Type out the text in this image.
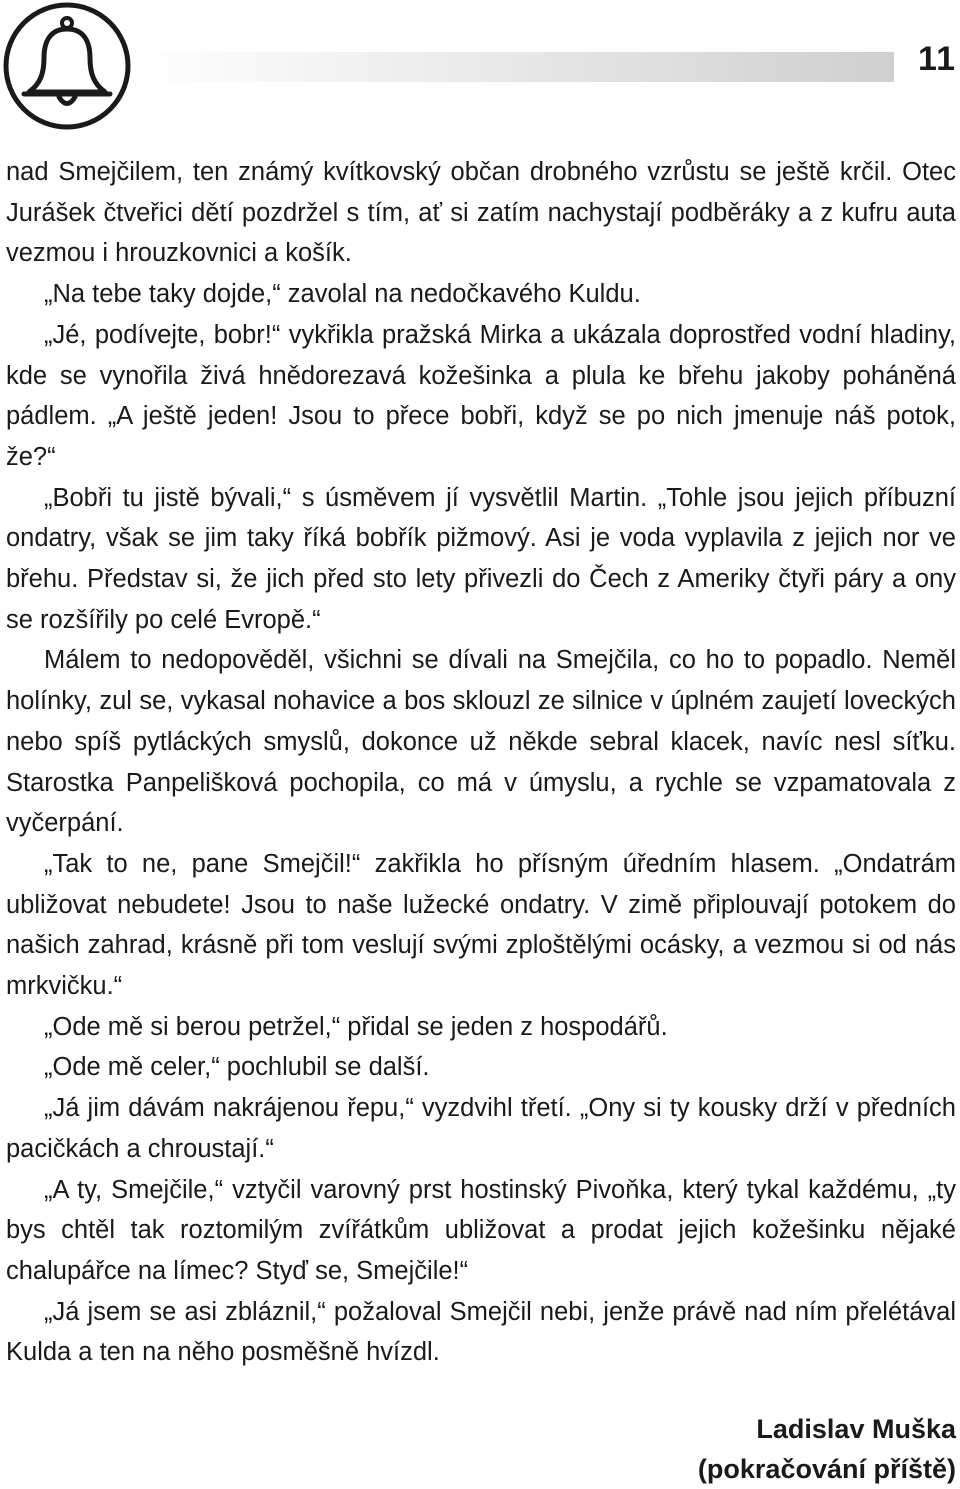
11

nad Smejčilem, ten známý kvítkovský občan drobného vzrůstu se ještě krčil. Otec Jurášek čtveřici dětí pozdržel s tím, ať si zatím nachystají podběráky a z kufru auta vezmou i hrouzkovnici a košík.

„Na tebe taky dojde,“ zavolal na nedočkavého Kuldu.

„Jé, podívejte, bobr!“ vykřikla pražská Mirka a ukázala doprostřed vodní hladiny, kde se vynořila živá hnědorezavá kožešinka a plula ke břehu jakoby poháněná pádlem. „A ještě jeden! Jsou to přece bobři, když se po nich jmenuje náš potok, že?“

„Bobři tu jistě bývali,“ s úsměvem jí vysvětlil Martin. „Tohle jsou jejich příbuzní ondatry, však se jim taky říká bobřík pižmový. Asi je voda vyplavila z jejich nor ve břehu. Představ si, že jich před sto lety přivezli do Čech z Ameriky čtyři páry a ony se rozšířily po celé Evropě.“

Málem to nedopověděl, všichni se dívali na Smejčila, co ho to popadlo. Neměl holínky, zul se, vykasal nohavice a bos sklouzl ze silnice v úplném zaujetí loveckých nebo spíš pytláckých smyslů, dokonce už někde sebral klacek, navíc nesl síťku. Starostka Panpelišková pochopila, co má v úmyslu, a rychle se vzpamatovala z vyčerpání.

„Tak to ne, pane Smejčil!“ zakřikla ho přísným úředním hlasem. „Ondatrám ubližovat nebudete! Jsou to naše lužecké ondatry. V zimě připlouvají potokem do našich zahrad, krásně při tom veslují svými zploštělými ocásky, a vezmou si od nás mrkvičku.“

„Ode mě si berou petržel,“ přidal se jeden z hospodářů.

„Ode mě celer,“ pochlubil se další.

„Já jim dávám nakrájenou řepu,“ vyzdvihl třetí. „Ony si ty kousky drží v předních pacičkách a chroustají.“

„A ty, Smejčile,“ vztyčil varovný prst hostinský Pivoňka, který tykal každému, „ty bys chtěl tak roztomilým zvířátkům ubližovat a prodat jejich kožešinku nějaké chalupářce na límec? Styď se, Smejčile!“

„Já jsem se asi zbláznil,“ požaloval Smejčil nebi, jenže právě nad ním přelétával Kulda a ten na něho posměšně hvízdl.

Ladislav Muška
(pokračování příště)
